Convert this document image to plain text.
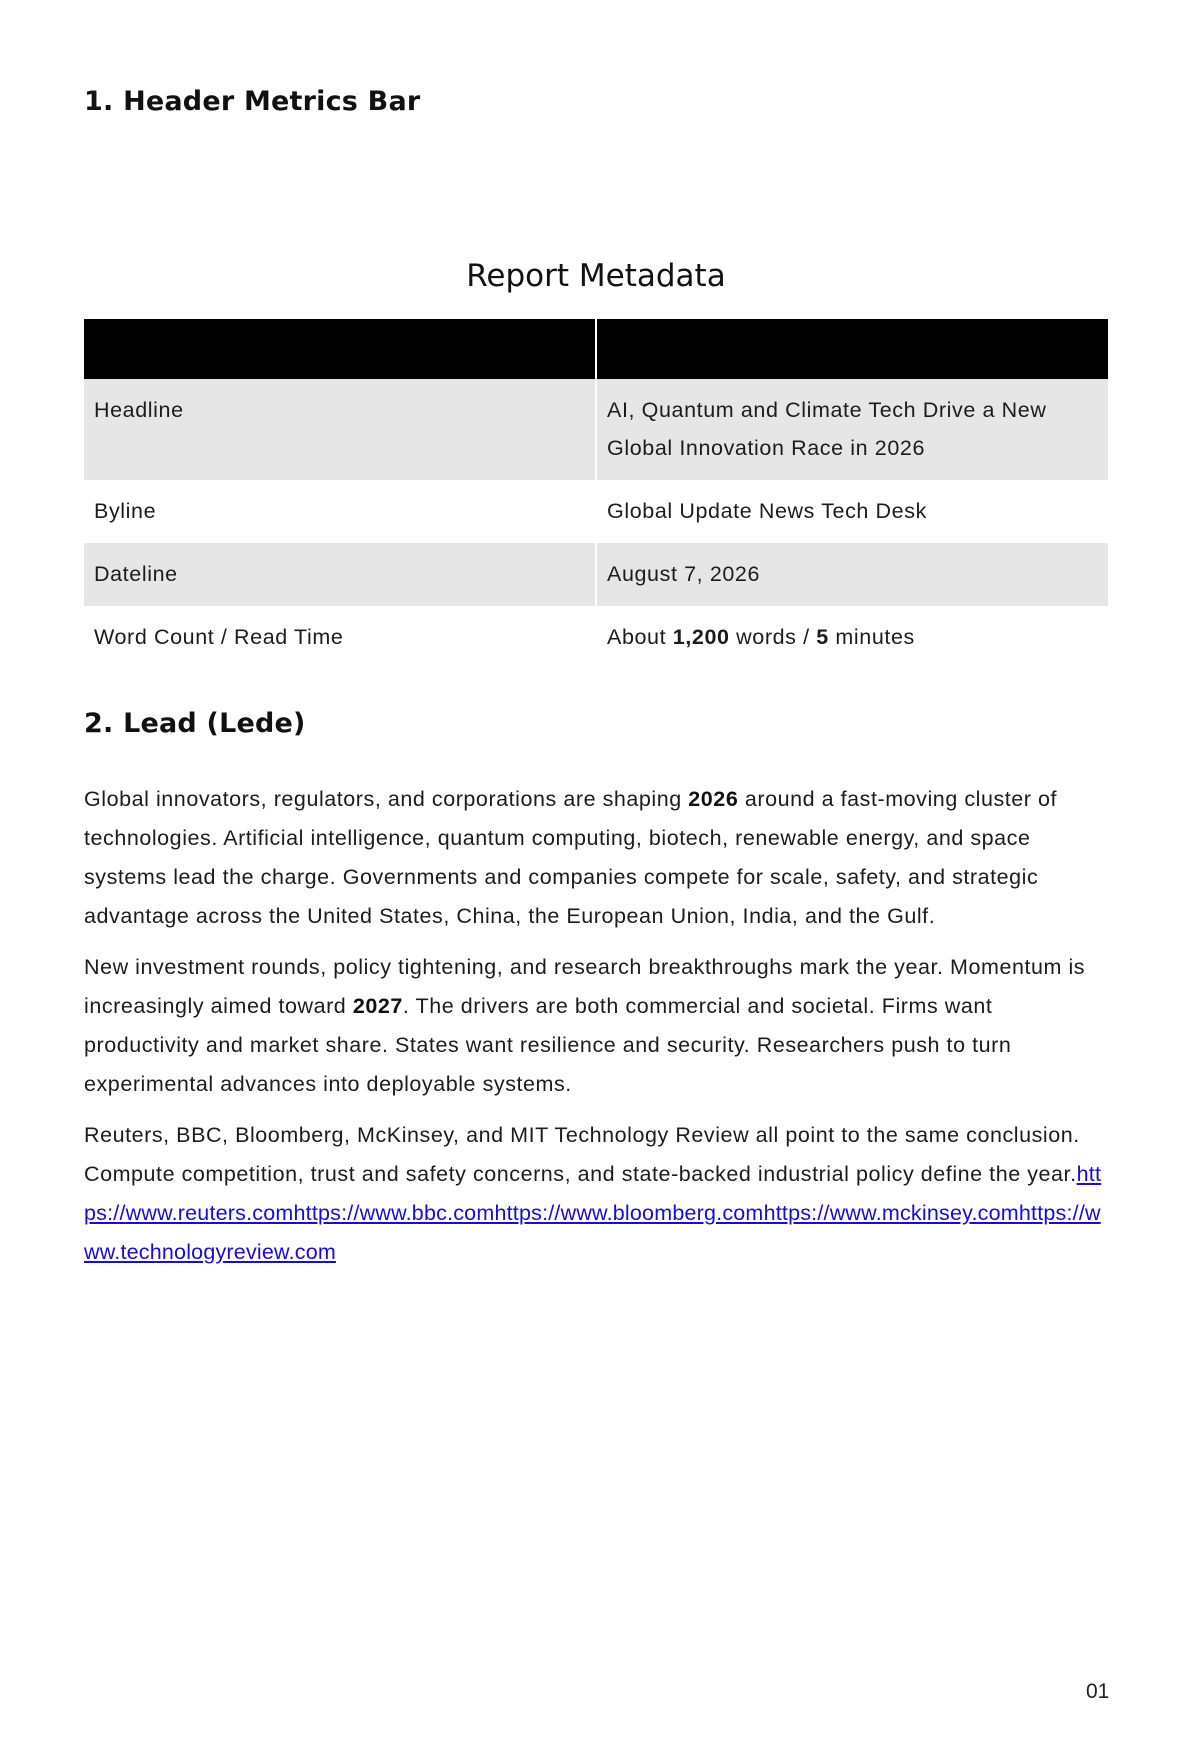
1. Header Metrics Bar
Report Metadata

Headline	AI, Quantum and Climate Tech Drive a New Global Innovation Race in 2026
Byline	Global Update News Tech Desk
Dateline	August 7, 2026
Word Count / Read Time	About 1,200 words / 5 minutes
2. Lead (Lede)

Global innovators, regulators, and corporations are shaping 2026 around a fast-moving cluster of technologies. Artificial intelligence, quantum computing, biotech, renewable energy, and space systems lead the charge. Governments and companies compete for scale, safety, and strategic advantage across the United States, China, the European Union, India, and the Gulf.

New investment rounds, policy tightening, and research breakthroughs mark the year. Momentum is increasingly aimed toward 2027. The drivers are both commercial and societal. Firms want productivity and market share. States want resilience and security. Researchers push to turn experimental advances into deployable systems.

Reuters, BBC, Bloomberg, McKinsey, and MIT Technology Review all point to the same conclusion. Compute competition, trust and safety concerns, and state-backed industrial policy define the year.https://www.reuters.comhttps://www.bbc.comhttps://www.bloomberg.comhttps://www.mckinsey.comhttps://www.technologyreview.com

01
